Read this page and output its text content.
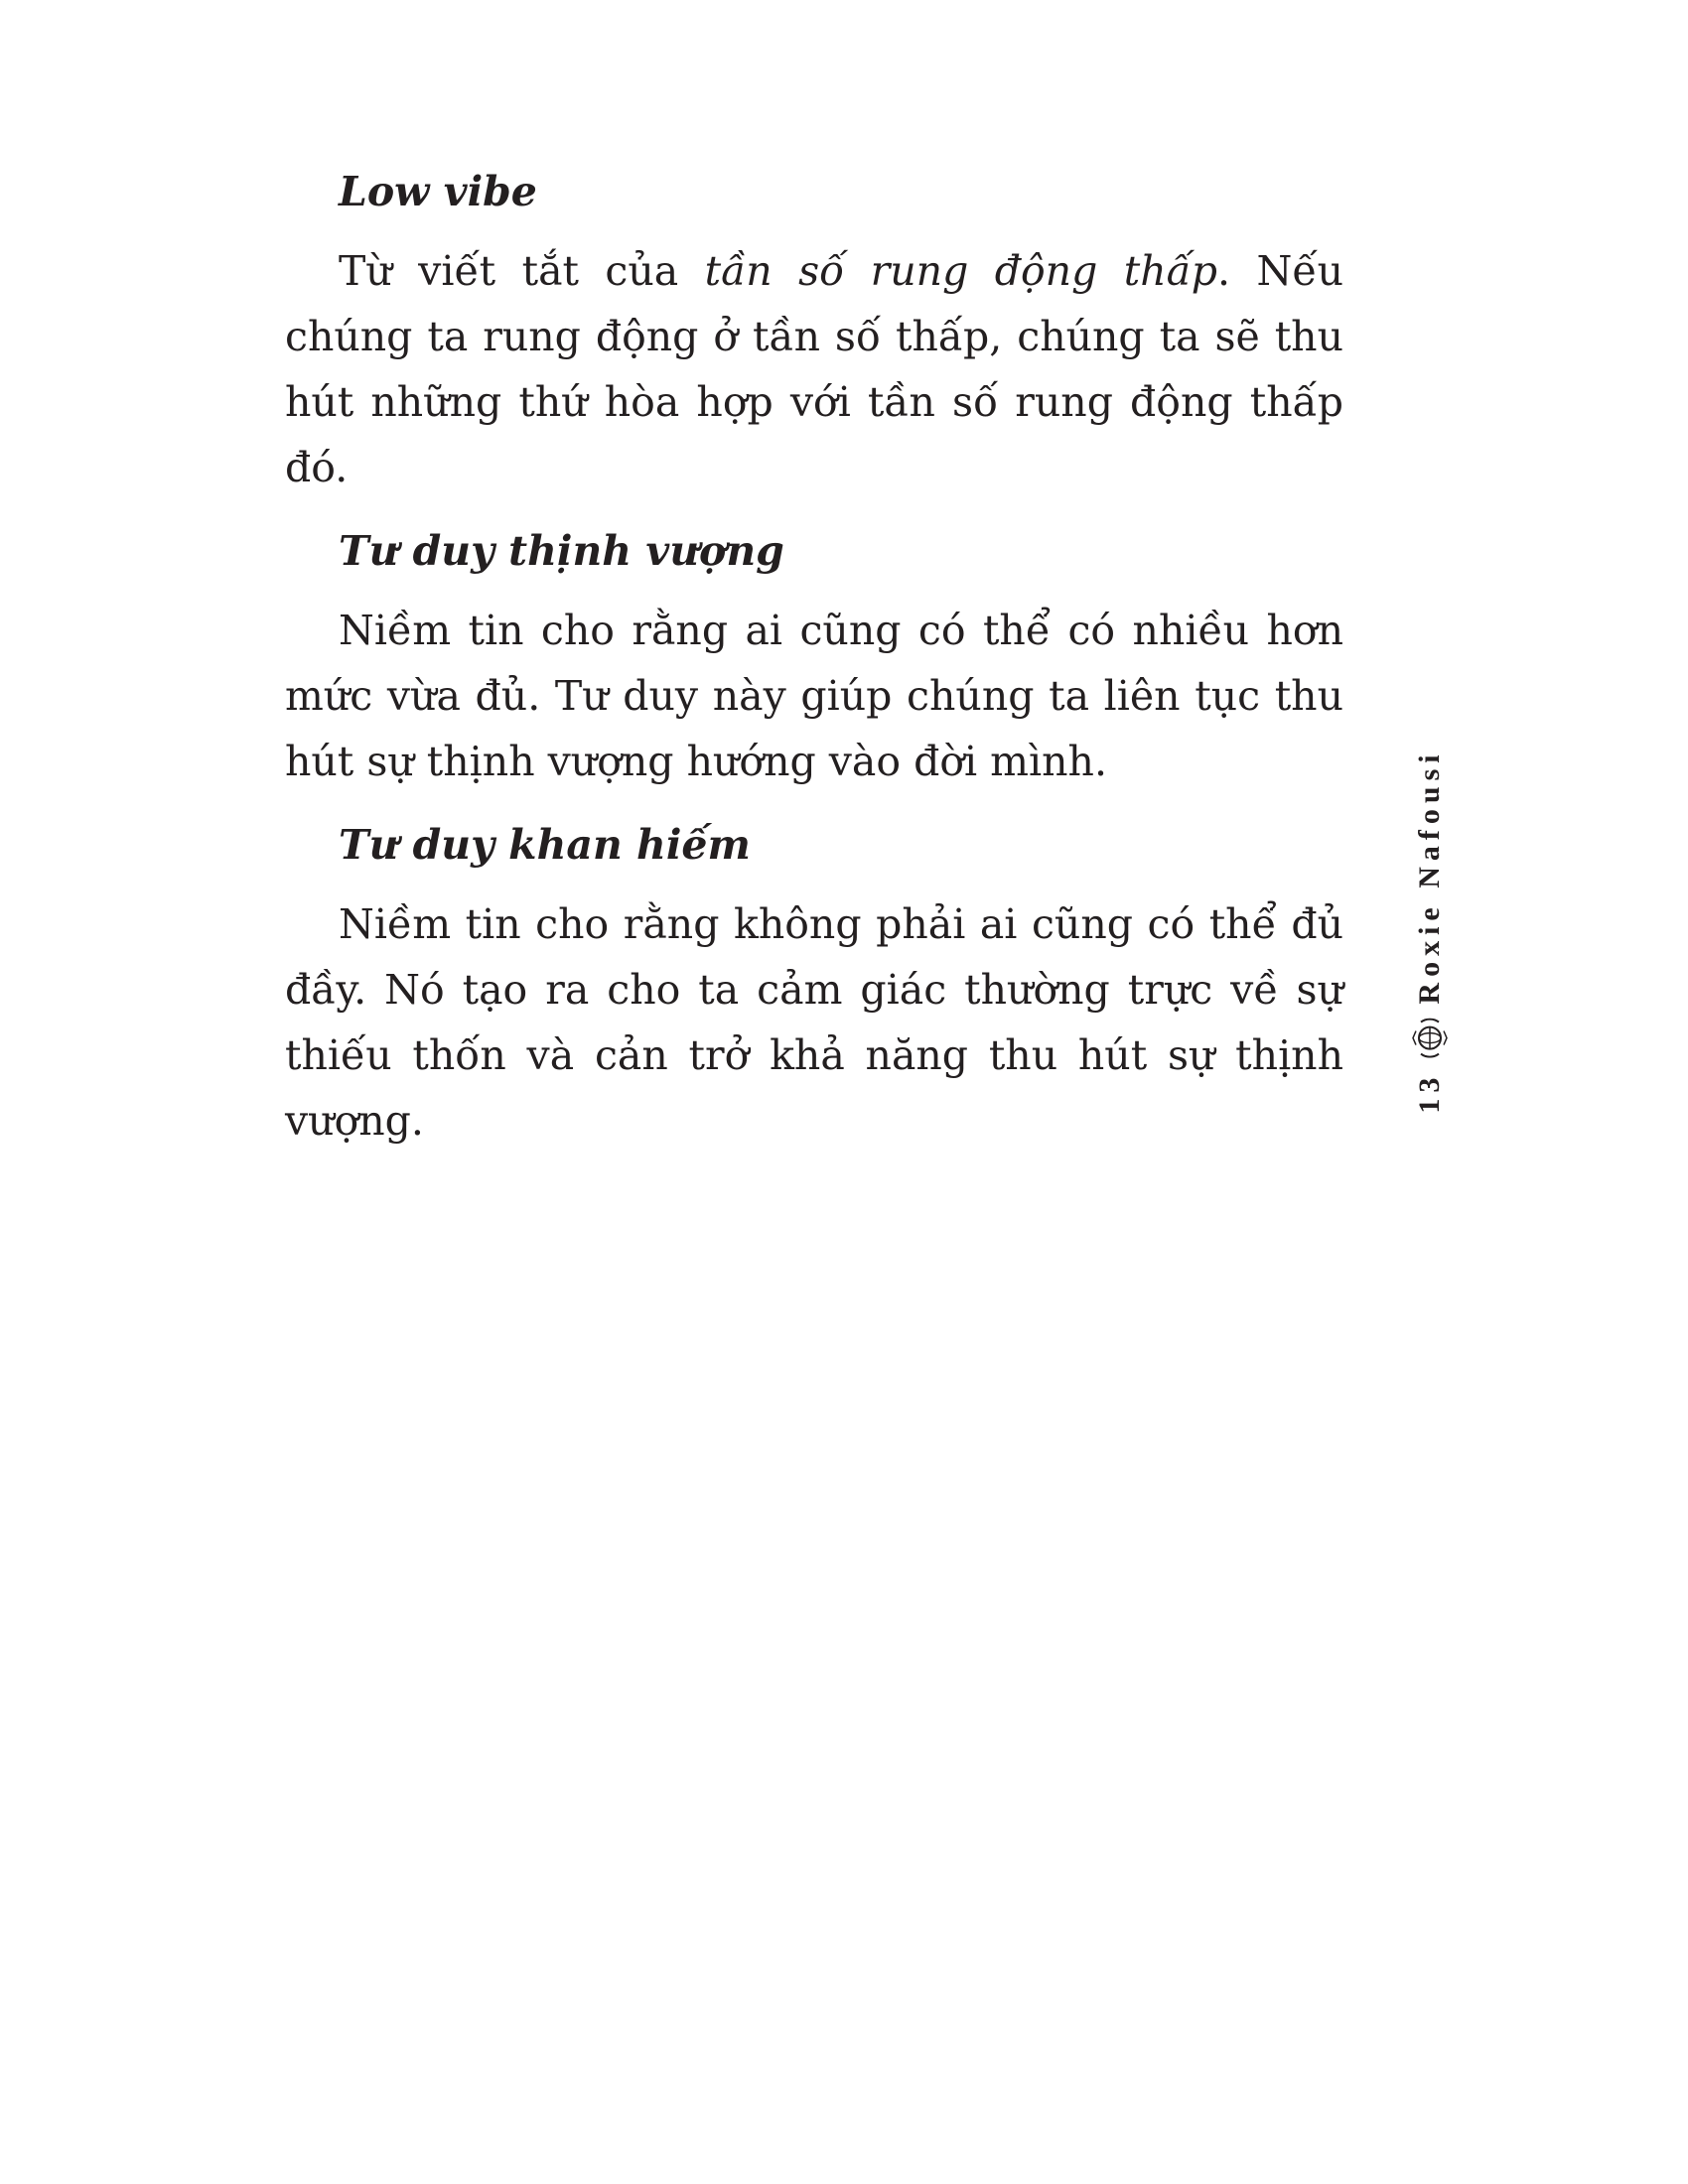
Low vibe

Từ viết tắt của tần số rung động thấp. Nếu chúng ta rung động ở tần số thấp, chúng ta sẽ thu hút những thứ hòa hợp với tần số rung động thấp đó.

Tư duy thịnh vượng

Niềm tin cho rằng ai cũng có thể có nhiều hơn mức vừa đủ. Tư duy này giúp chúng ta liên tục thu hút sự thịnh vượng hướng vào đời mình.

Tư duy khan hiếm

Niềm tin cho rằng không phải ai cũng có thể đủ đầy. Nó tạo ra cho ta cảm giác thường trực về sự thiếu thốn và cản trở khả năng thu hút sự thịnh vượng.

13
Roxie Nafousi
